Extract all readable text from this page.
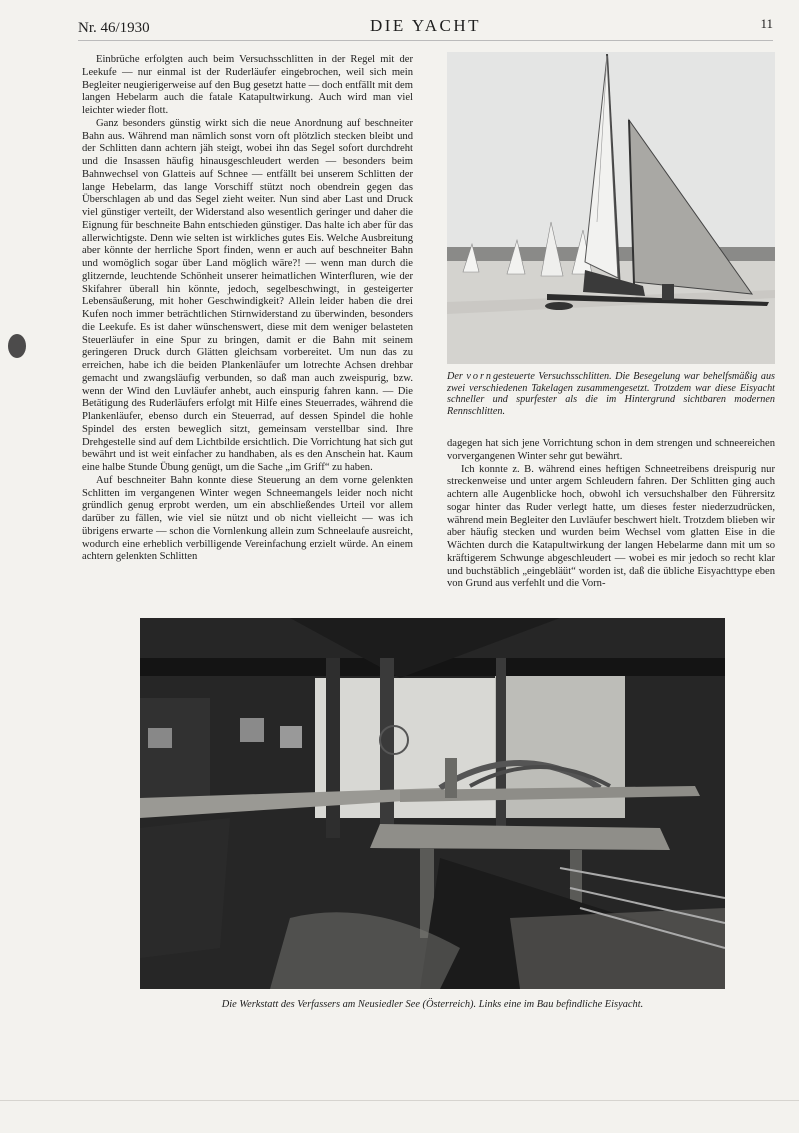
Nr. 46/1930	DIE YACHT	11

Einbrüche erfolgten auch beim Versuchsschlitten in der Regel mit der Leekufe — nur einmal ist der Ruderläufer eingebrochen, weil sich mein Begleiter neugierigerweise auf den Bug gesetzt hatte — doch entfällt mit dem langen Hebelarm auch die fatale Katapultwirkung. Auch wird man viel leichter wieder flott.

Ganz besonders günstig wirkt sich die neue Anordnung auf beschneiter Bahn aus. Während man nämlich sonst vorn oft plötzlich stecken bleibt und der Schlitten dann achtern jäh steigt, wobei ihn das Segel sofort durchdreht und die Insassen häufig hinausgeschleudert werden — besonders beim Bahnwechsel von Glatteis auf Schnee — entfällt bei unserem Schlitten der lange Hebelarm, das lange Vorschiff stützt noch obendrein gegen das Überschlagen ab und das Segel zieht weiter. Nun sind aber Last und Druck viel günstiger verteilt, der Widerstand also wesentlich geringer und daher die Eignung für beschneite Bahn entschieden günstiger. Das halte ich aber für das allerwichtigste. Denn wie selten ist wirkliches gutes Eis. Welche Ausbreitung aber könnte der herrliche Sport finden, wenn er auch auf beschneiter Bahn und womöglich sogar über Land möglich wäre?! — wenn man durch die glitzernde, leuchtende Schönheit unserer heimatlichen Winterfluren, wie der Skifahrer überall hin könnte, jedoch, segelbeschwingt, in gesteigerter Lebensäußerung, mit hoher Geschwindigkeit? Allein leider haben die drei Kufen noch immer beträchtlichen Stirnwiderstand zu überwinden, besonders die Leekufe. Es ist daher wünschenswert, diese mit dem weniger belasteten Steuerläufer in eine Spur zu bringen, damit er die Bahn mit seinem geringeren Druck durch Glätten gleichsam vorbereitet. Um nun das zu erreichen, habe ich die beiden Plankenläufer um lotrechte Achsen drehbar gemacht und zwangsläufig verbunden, so daß man auch zweispurig, bzw. wenn der Wind den Luvläufer anhebt, auch einspurig fahren kann. — Die Betätigung des Ruderläufers erfolgt mit Hilfe eines Steuerrades, während die Plankenläufer, ebenso durch ein Steuerrad, auf dessen Spindel die hohle Spindel des ersten beweglich sitzt, gemeinsam verstellbar sind. Ihre Drehgestelle sind auf dem Lichtbilde ersichtlich. Die Vorrichtung hat sich gut bewährt und ist weit einfacher zu handhaben, als es den Anschein hat. Kaum eine halbe Stunde Übung genügt, um die Sache „im Griff“ zu haben.

Auf beschneiter Bahn konnte diese Steuerung an dem vorne gelenkten Schlitten im vergangenen Winter wegen Schneemangels leider noch nicht gründlich genug erprobt werden, um ein abschließendes Urteil vor allem darüber zu fällen, wie viel sie nützt und ob nicht vielleicht — was ich übrigens erwarte — schon die Vornlenkung allein zum Schneelaufe ausreicht, wodurch eine erheblich verbilligende Vereinfachung erzielt würde. An einem achtern gelenkten Schlitten

Der vorngesteuerte Versuchsschlitten. Die Besegelung war behelfsmäßig aus zwei verschiedenen Takelagen zusammengesetzt. Trotzdem war diese Eisyacht schneller und spurfester als die im Hintergrund sichtbaren modernen Rennschlitten.

dagegen hat sich jene Vorrichtung schon in dem strengen und schneereichen vorvergangenen Winter sehr gut bewährt.

Ich konnte z. B. während eines heftigen Schneetreibens dreispurig nur streckenweise und unter argem Schleudern fahren. Der Schlitten ging auch achtern alle Augenblicke hoch, obwohl ich versuchshalber den Führersitz sogar hinter das Ruder verlegt hatte, um dieses fester niederzudrücken, während mein Begleiter den Luvläufer beschwert hielt. Trotzdem blieben wir aber häufig stecken und wurden beim Wechsel vom glatten Eise in die Wächten durch die Katapultwirkung der langen Hebelarme dann mit um so kräftigerem Schwunge abgeschleudert — wobei es mir jedoch so recht klar und buchstäblich „eingebläüt“ worden ist, daß die übliche Eisyachttype eben von Grund aus verfehlt und die Vorn-

Die Werkstatt des Verfassers am Neusiedler See (Österreich). Links eine im Bau befindliche Eisyacht.
